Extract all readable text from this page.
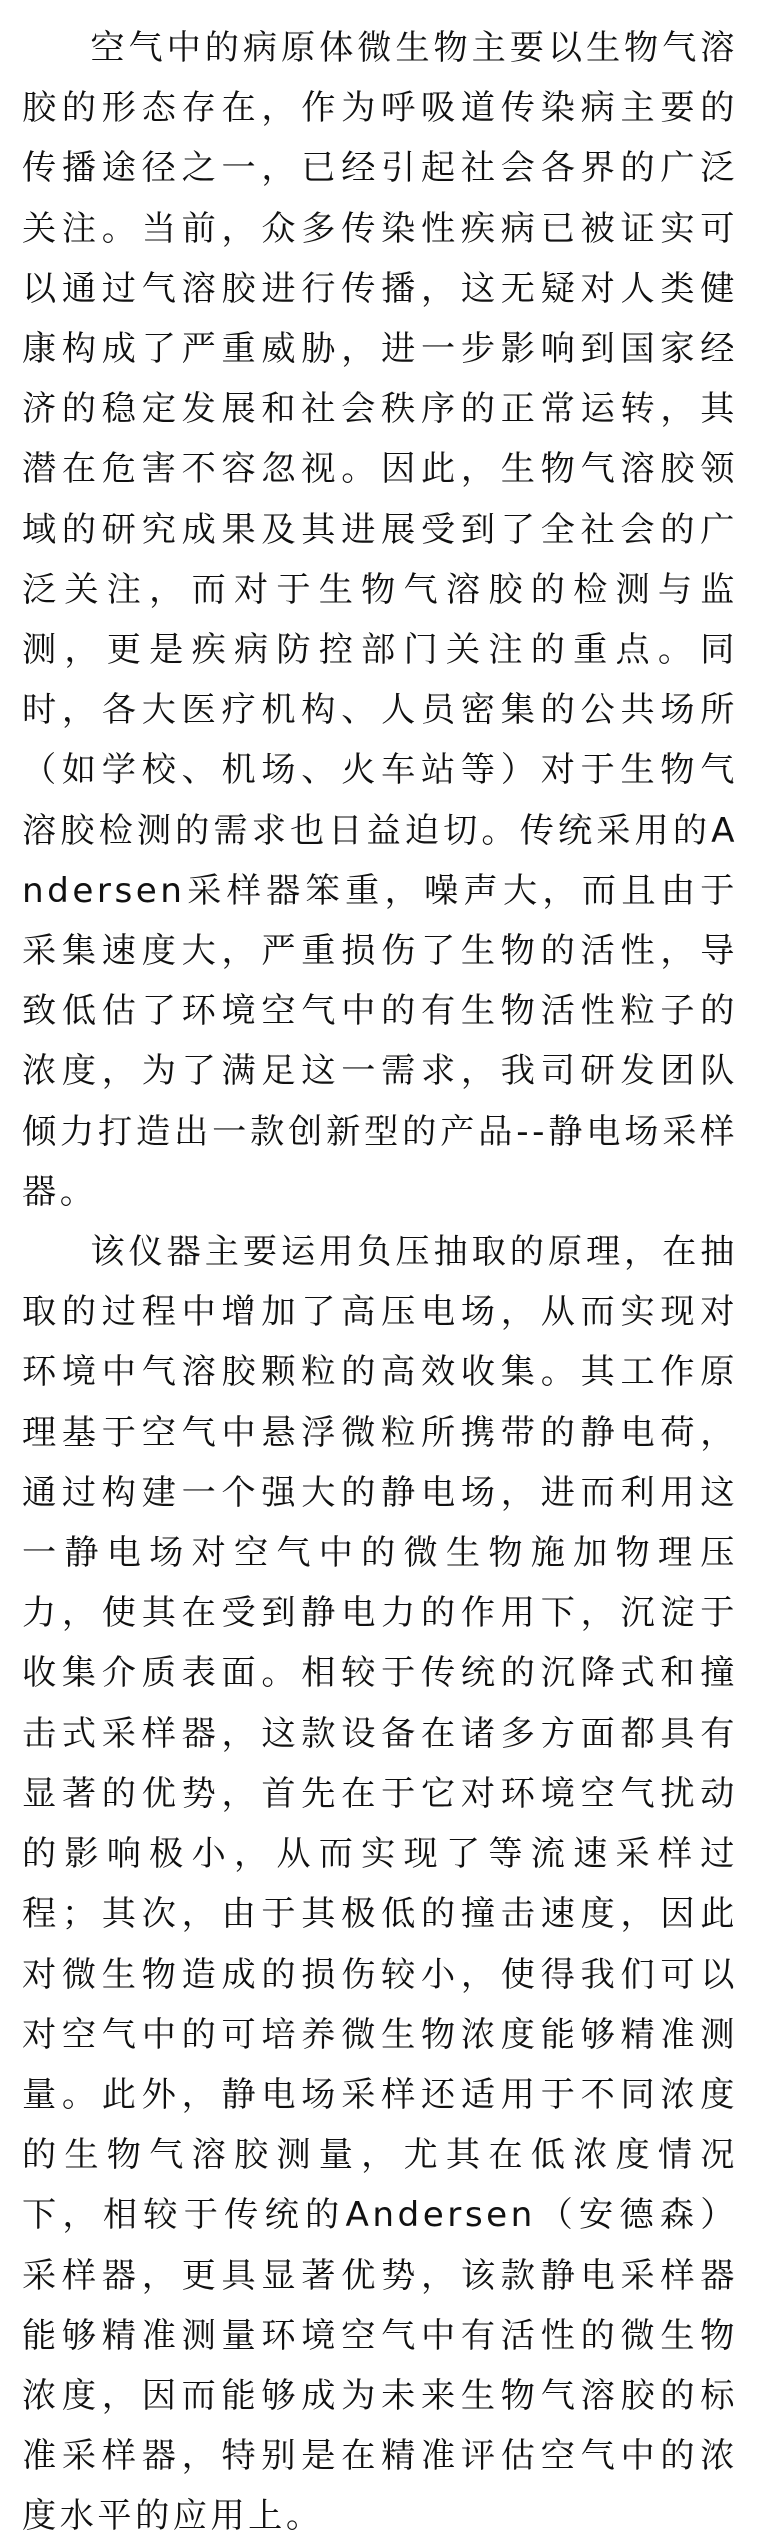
空气中的病原体微生物主要以生物气溶胶的形态存在，作为呼吸道传染病主要的传播途径之一，已经引起社会各界的广泛关注。当前，众多传染性疾病已被证实可以通过气溶胶进行传播，这无疑对人类健康构成了严重威胁，进一步影响到国家经济的稳定发展和社会秩序的正常运转，其潜在危害不容忽视。因此，生物气溶胶领域的研究成果及其进展受到了全社会的广泛关注，而对于生物气溶胶的检测与监测，更是疾病防控部门关注的重点。同时，各大医疗机构、人员密集的公共场所（如学校、机场、火车站等）对于生物气溶胶检测的需求也日益迫切。传统采用的Andersen采样器笨重，噪声大，而且由于采集速度大，严重损伤了生物的活性，导致低估了环境空气中的有生物活性粒子的浓度，为了满足这一需求，我司研发团队倾力打造出一款创新型的产品--静电场采样器。

该仪器主要运用负压抽取的原理，在抽取的过程中增加了高压电场，从而实现对环境中气溶胶颗粒的高效收集。其工作原理基于空气中悬浮微粒所携带的静电荷，通过构建一个强大的静电场，进而利用这一静电场对空气中的微生物施加物理压力，使其在受到静电力的作用下，沉淀于收集介质表面。相较于传统的沉降式和撞击式采样器，这款设备在诸多方面都具有显著的优势，首先在于它对环境空气扰动的影响极小，从而实现了等流速采样过程；其次，由于其极低的撞击速度，因此对微生物造成的损伤较小，使得我们可以对空气中的可培养微生物浓度能够精准测量。此外，静电场采样还适用于不同浓度的生物气溶胶测量，尤其在低浓度情况下，相较于传统的Andersen（安德森）采样器，更具显著优势，该款静电采样器能够精准测量环境空气中有活性的微生物浓度，因而能够成为未来生物气溶胶的标准采样器，特别是在精准评估空气中的浓度水平的应用上。
